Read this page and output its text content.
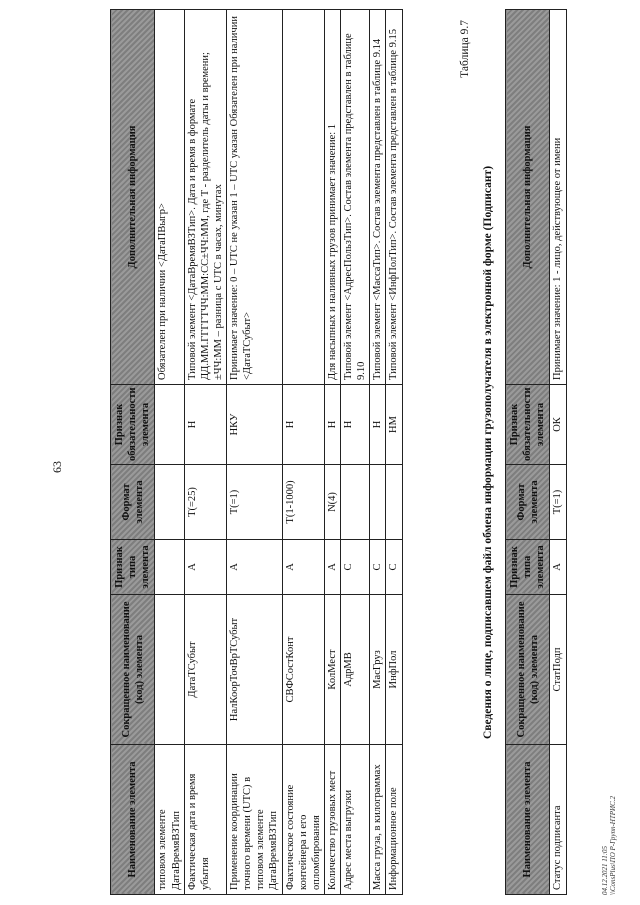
63
Наименование элемента	Сокращенное наименование (код) элемента	Признак типа элемента	Формат элемента	Признак обязательности элемента	Дополнительная информация
типовом элементе ДатаВремяВЗТип					Обязателен при наличии <ДатаПВыгр>
Фактическая дата и время убытия	ДатаТСубыт	А	T(=25)	Н	Типовой элемент <ДатаВремяВЗТип>. Дата и время в формате ДД.ММ.ГГГГТЧЧ:ММ:СС±ЧЧ:ММ, где T - разделитель даты и времени; ±ЧЧ:ММ – разница с UTC в часах, минутах
Применение координации точного времени (UTC) в типовом элементе ДатаВремяВЗТип	НалКоорТочВрТСубыт	А	T(=1)	НКУ	Принимает значение: 0 – UTC не указан 1 – UTC указан Обязателен при наличии <ДатаТСубыт>
Фактическое состояние контейнера и его опломбирования	СВФСостКонт	А	T(1-1000)	Н	
Количество грузовых мест	КолМест	А	N(4)	Н	Для насыпных и наливных грузов принимает значение: 1
Адрес места выгрузки	АдрМВ	С		Н	Типовой элемент <АдресПользТип>. Состав элемента представлен в таблице 9.10
Масса груза, в килограммах	МасГруз	С		Н	Типовой элемент <МассаТип>. Состав элемента представлен в таблице 9.14
Информационное поле	ИнфПол	С		НМ	Типовой элемент <ИнфПолТип>. Состав элемента представлен в таблице 9.15	Таблица 9.7
Сведения о лице, подписавшем файл обмена информации грузополучателя в электронной форме (Подписант)
Наименование элемента	Сокращенное наименование (код) элемента	Признак типа элемента	Формат элемента	Признак обязательности элемента	Дополнительная информация
Статус подписанта	СтатПодп	А	T(=1)	ОК	Принимает значение: 1 - лицо, действующее от имени
04.12.2021 11:05 \\ConsPlus\ПО Р-Групп-НТРИС.2
